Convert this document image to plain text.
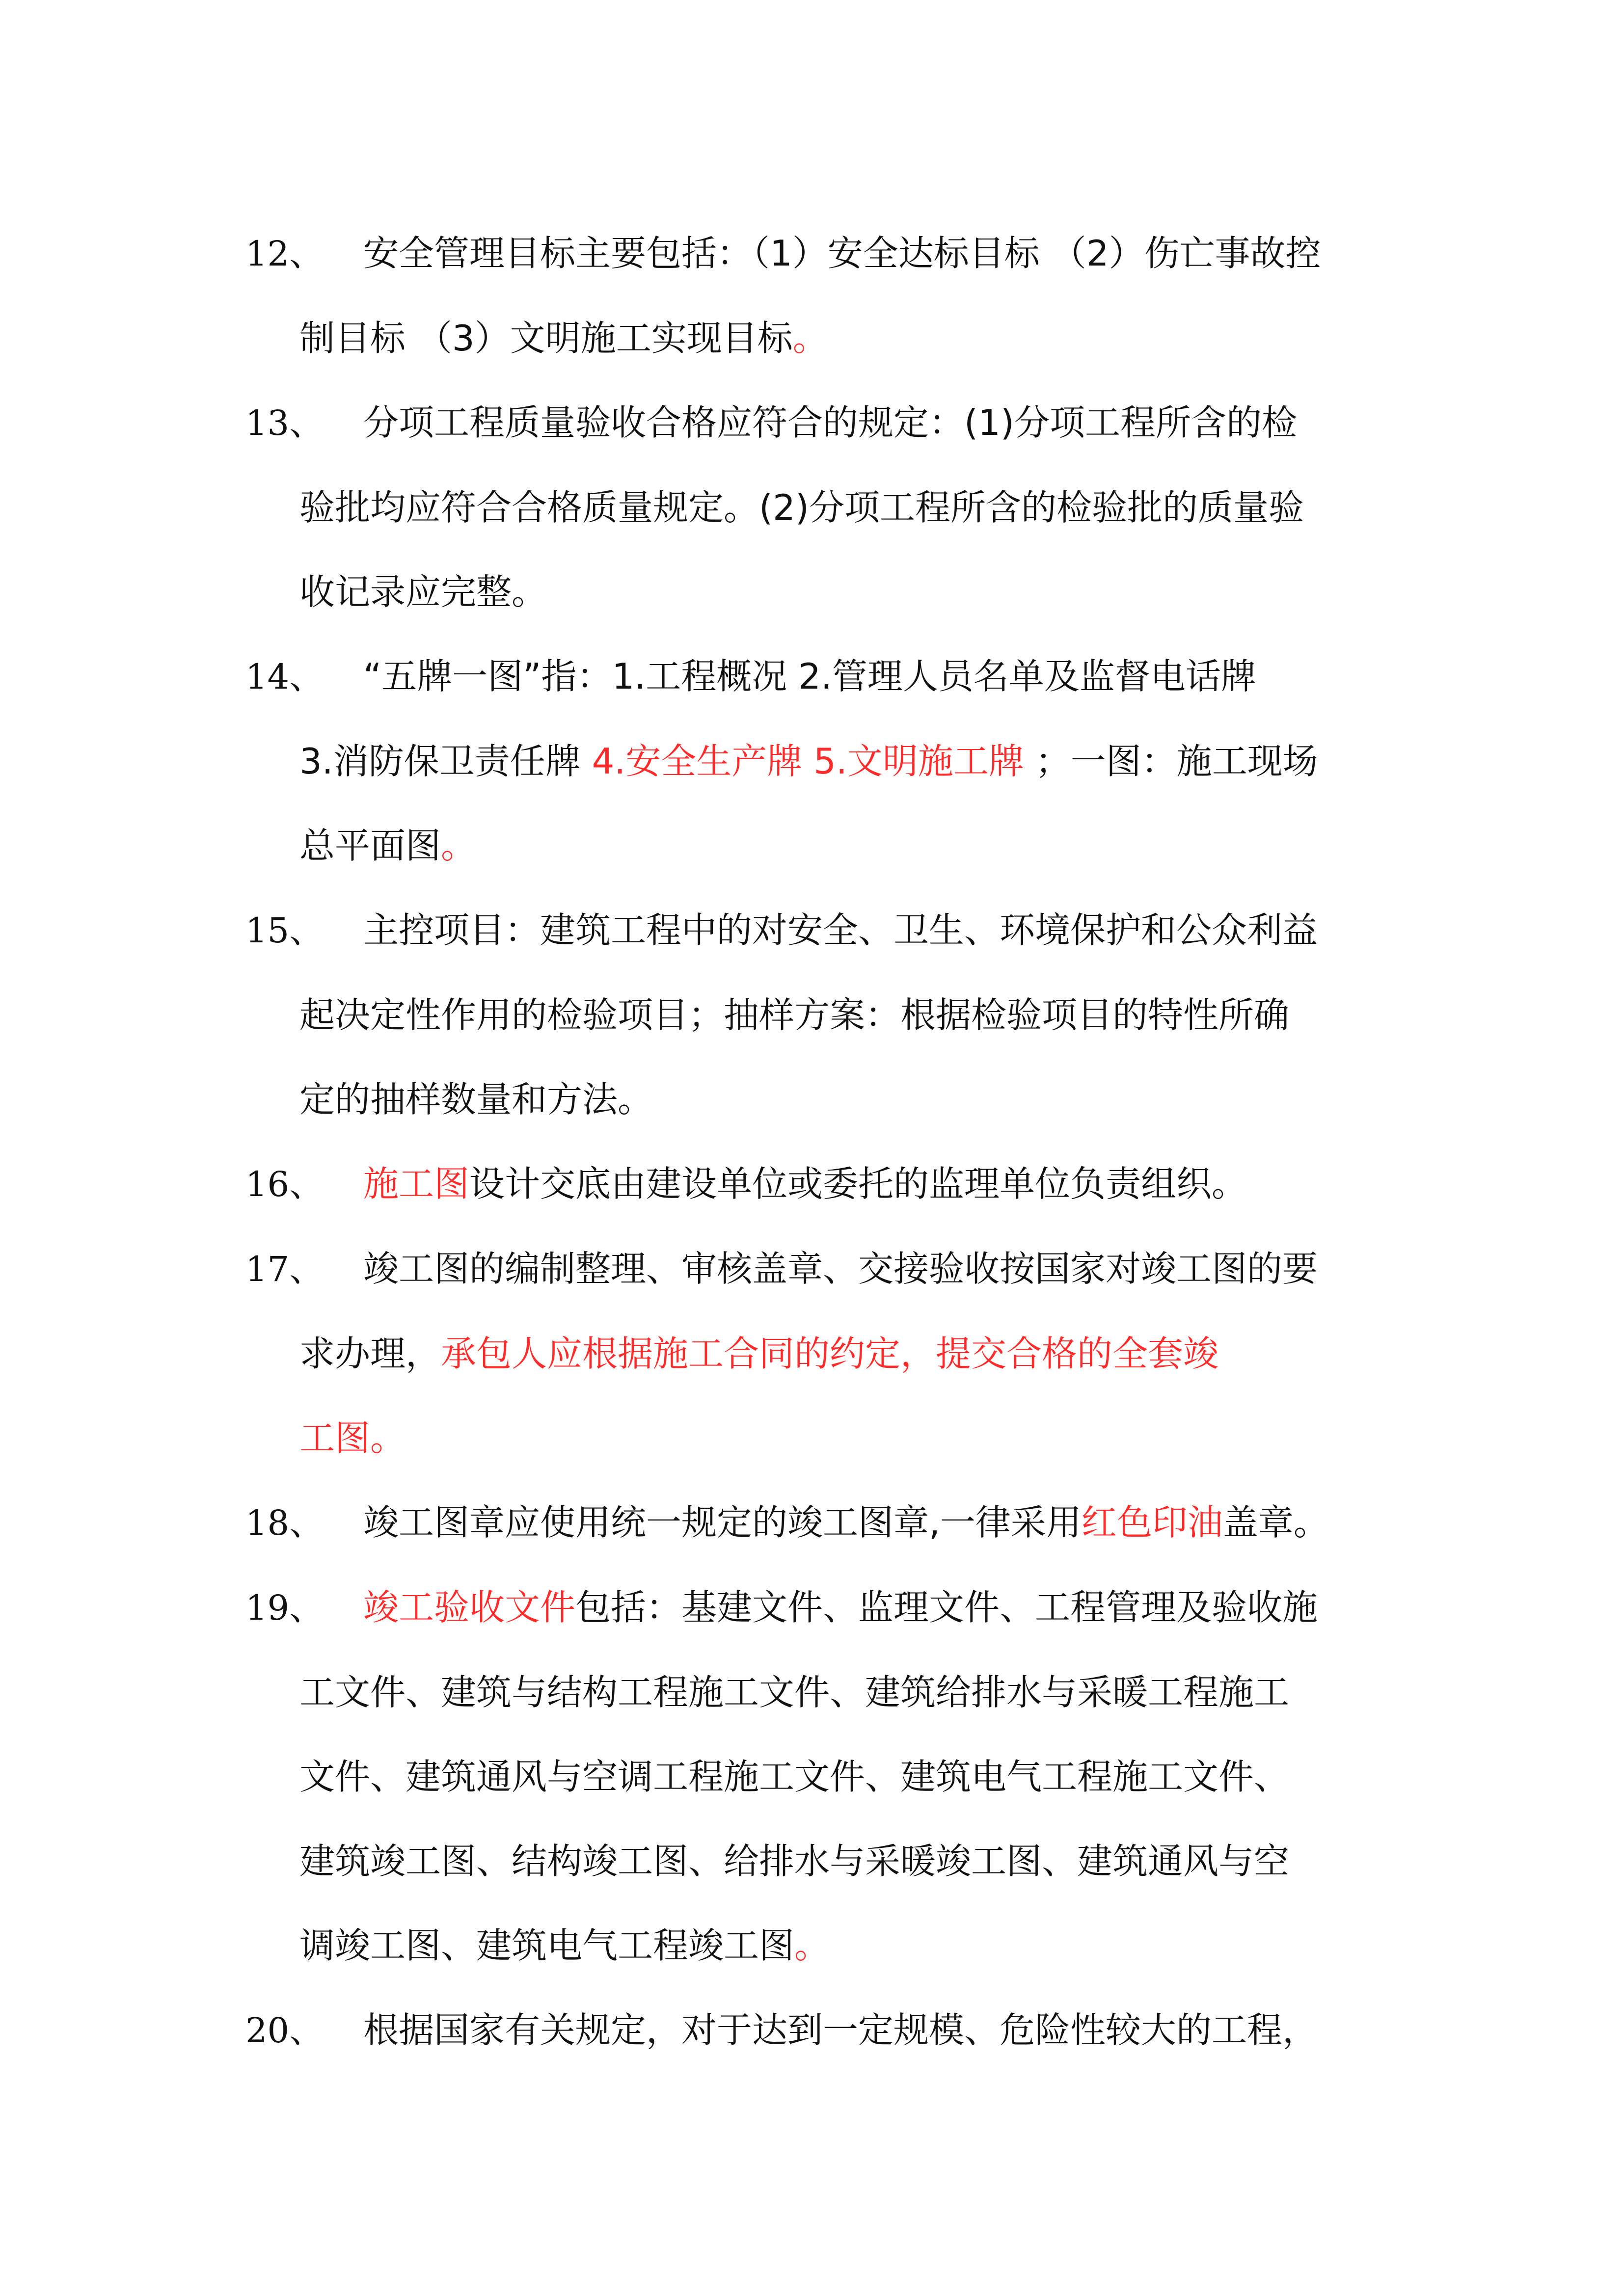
12、 安全管理目标主要包括：（1）安全达标目标 （2）伤亡事故控
制目标 （3）文明施工实现目标。
13、 分项工程质量验收合格应符合的规定：(1)分项工程所含的检
验批均应符合合格质量规定。(2)分项工程所含的检验批的质量验
收记录应完整。
14、 “五牌一图”指：1.工程概况 2.管理人员名单及监督电话牌
3.消防保卫责任牌 4.安全生产牌 5.文明施工牌 ；一图：施工现场
总平面图。
15、 主控项目：建筑工程中的对安全、卫生、环境保护和公众利益
起决定性作用的检验项目；抽样方案：根据检验项目的特性所确
定的抽样数量和方法。
16、 施工图设计交底由建设单位或委托的监理单位负责组织。
17、 竣工图的编制整理、审核盖章、交接验收按国家对竣工图的要
求办理，承包人应根据施工合同的约定，提交合格的全套竣
工图。
18、 竣工图章应使用统一规定的竣工图章,一律采用红色印油盖章。
19、 竣工验收文件包括：基建文件、监理文件、工程管理及验收施
工文件、建筑与结构工程施工文件、建筑给排水与采暖工程施工
文件、建筑通风与空调工程施工文件、建筑电气工程施工文件、
建筑竣工图、结构竣工图、给排水与采暖竣工图、建筑通风与空
调竣工图、建筑电气工程竣工图。
20、 根据国家有关规定，对于达到一定规模、危险性较大的工程，
